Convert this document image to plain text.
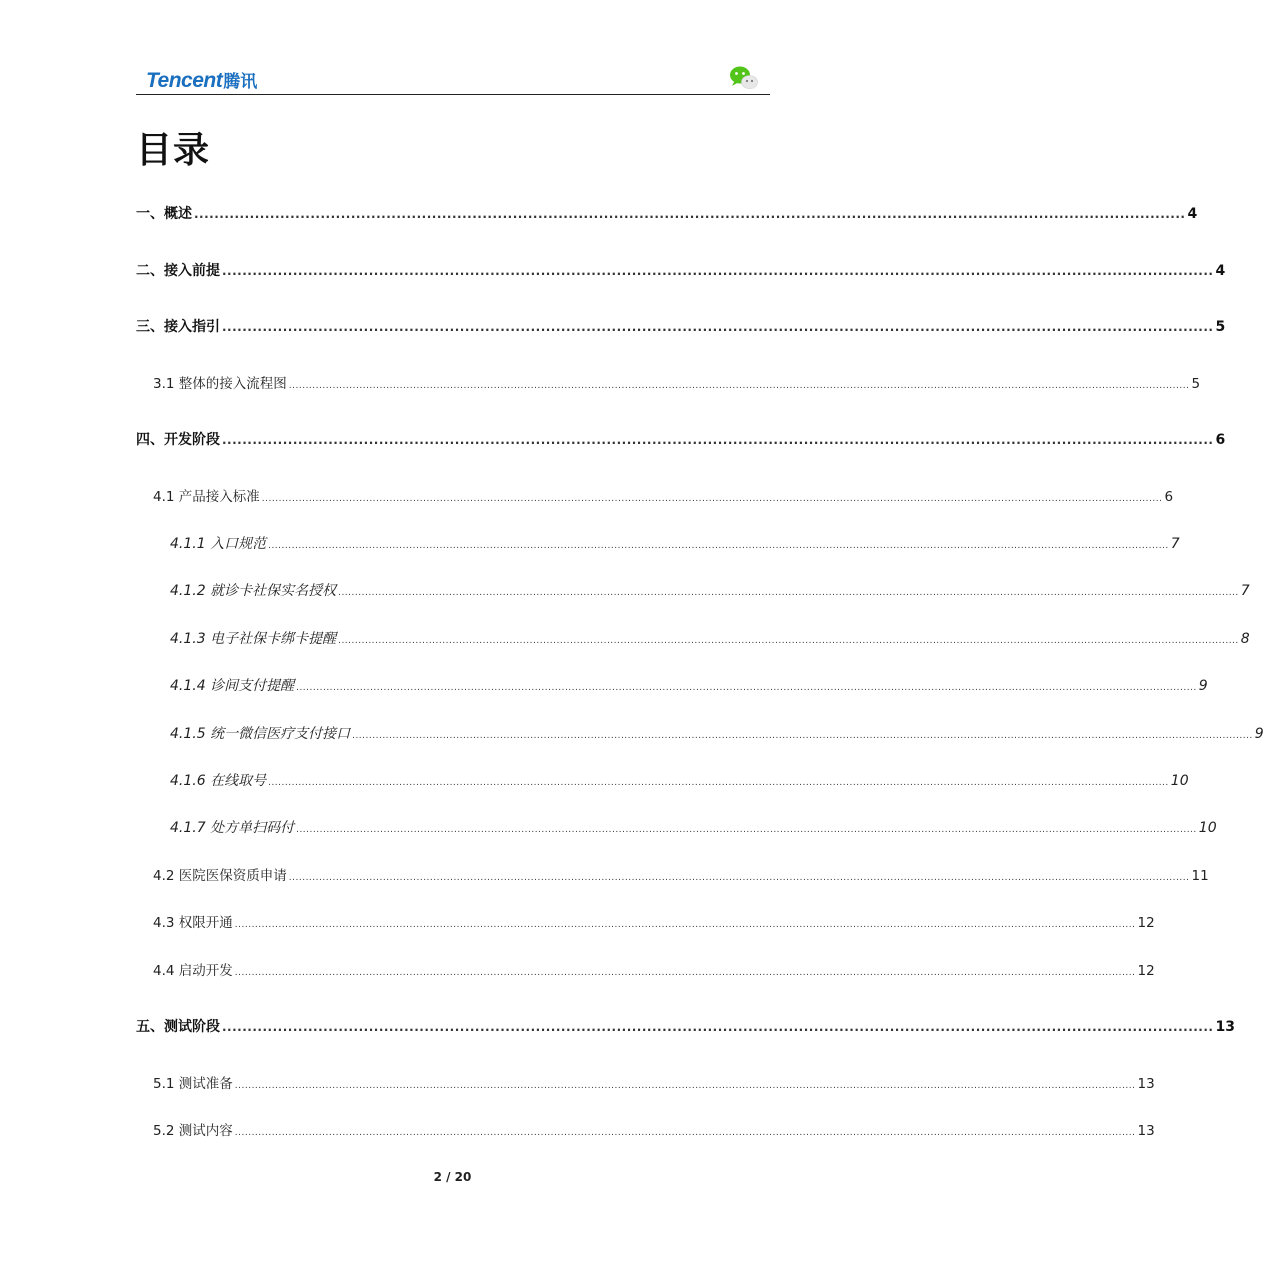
Tencent 腾讯
目录
一、 概述 .................................................................................................................................................................................................... 4
二、接入前提 .................................................................................................................................................................................................... 4
三、接入指引 .................................................................................................................................................................................................... 5
3.1 整体的接入流程图 ............................................................................................................................................................................................................................................................................ 5
四、开发阶段 .................................................................................................................................................................................................... 6
4.1 产品接入标准 ............................................................................................................................................................................................................................................................................ 6
4.1.1 入口规范 ............................................................................................................................................................................................................................................................................ 7
4.1.2 就诊卡社保实名授权 ............................................................................................................................................................................................................................................................................ 7
4.1.3 电子社保卡绑卡提醒 ............................................................................................................................................................................................................................................................................ 8
4.1.4 诊间支付提醒 ............................................................................................................................................................................................................................................................................ 9
4.1.5 统一微信医疗支付接口 ............................................................................................................................................................................................................................................................................ 9
4.1.6 在线取号 ............................................................................................................................................................................................................................................................................ 10
4.1.7 处方单扫码付 ............................................................................................................................................................................................................................................................................ 10
4.2 医院医保资质申请 ............................................................................................................................................................................................................................................................................ 11
4.3 权限开通 ............................................................................................................................................................................................................................................................................ 12
4.4 启动开发 ............................................................................................................................................................................................................................................................................ 12
五、测试阶段 .................................................................................................................................................................................................... 13
5.1 测试准备 ............................................................................................................................................................................................................................................................................ 13
5.2 测试内容 ............................................................................................................................................................................................................................................................................ 13
2 / 20
